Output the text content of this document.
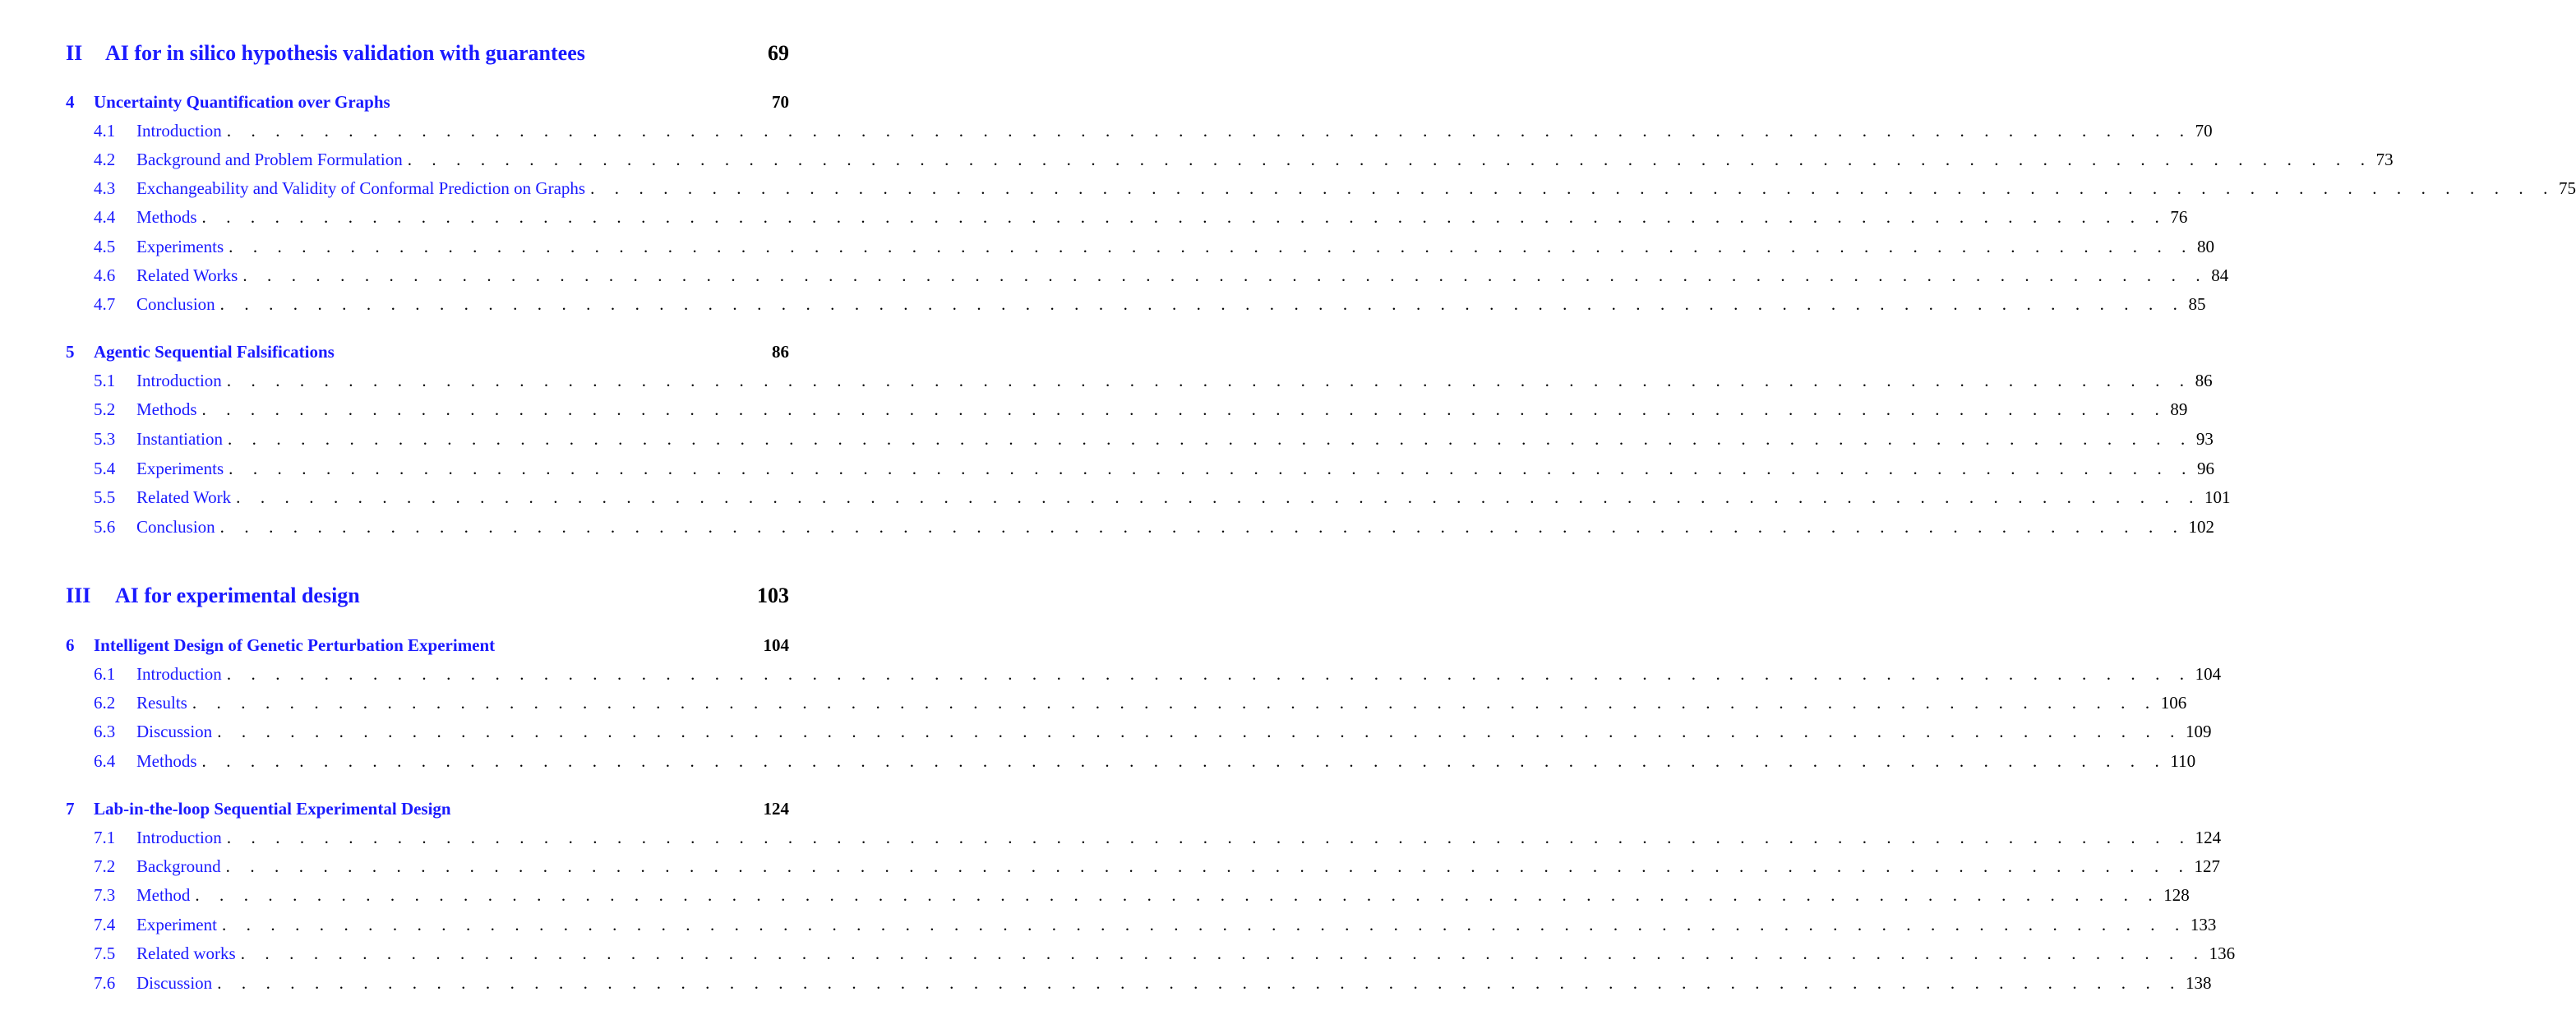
II	AI for in silico hypothesis validation with guarantees	69
4	Uncertainty Quantification over Graphs	70
4.1	Introduction . . . . . . . . . . . . . . . . . . . . . . . . . . . . . . . . . . . . . . . . . . . . . . . . . . . . . . . . . . . . . . . . . . . . . . . . . . . . . . . . . 70
4.2	Background and Problem Formulation . . . . . . . . . . . . . . . . . . . . . . . . . . . . . . . . . . . . . . . . . . . . . . . . . . . . . . . . . . . . . . . . . . . . . . . . . . . . . . . . . 73
4.3	Exchangeability and Validity of Conformal Prediction on Graphs . . . . . . . . . . . . . . . . . . . . . . . . . . . . . . . . . . . . . . . . . . . . . . . . . . . . . . . . . . . . . . . . . . . . . . . . . . . . . . . . . 75
4.4	Methods . . . . . . . . . . . . . . . . . . . . . . . . . . . . . . . . . . . . . . . . . . . . . . . . . . . . . . . . . . . . . . . . . . . . . . . . . . . . . . . . . 76
4.5	Experiments . . . . . . . . . . . . . . . . . . . . . . . . . . . . . . . . . . . . . . . . . . . . . . . . . . . . . . . . . . . . . . . . . . . . . . . . . . . . . . . . . 80
4.6	Related Works . . . . . . . . . . . . . . . . . . . . . . . . . . . . . . . . . . . . . . . . . . . . . . . . . . . . . . . . . . . . . . . . . . . . . . . . . . . . . . . . . 84
4.7	Conclusion . . . . . . . . . . . . . . . . . . . . . . . . . . . . . . . . . . . . . . . . . . . . . . . . . . . . . . . . . . . . . . . . . . . . . . . . . . . . . . . . . 85
5	Agentic Sequential Falsifications	86
5.1	Introduction . . . . . . . . . . . . . . . . . . . . . . . . . . . . . . . . . . . . . . . . . . . . . . . . . . . . . . . . . . . . . . . . . . . . . . . . . . . . . . . . . 86
5.2	Methods . . . . . . . . . . . . . . . . . . . . . . . . . . . . . . . . . . . . . . . . . . . . . . . . . . . . . . . . . . . . . . . . . . . . . . . . . . . . . . . . . 89
5.3	Instantiation . . . . . . . . . . . . . . . . . . . . . . . . . . . . . . . . . . . . . . . . . . . . . . . . . . . . . . . . . . . . . . . . . . . . . . . . . . . . . . . . . 93
5.4	Experiments . . . . . . . . . . . . . . . . . . . . . . . . . . . . . . . . . . . . . . . . . . . . . . . . . . . . . . . . . . . . . . . . . . . . . . . . . . . . . . . . . 96
5.5	Related Work . . . . . . . . . . . . . . . . . . . . . . . . . . . . . . . . . . . . . . . . . . . . . . . . . . . . . . . . . . . . . . . . . . . . . . . . . . . . . . . . . 101
5.6	Conclusion . . . . . . . . . . . . . . . . . . . . . . . . . . . . . . . . . . . . . . . . . . . . . . . . . . . . . . . . . . . . . . . . . . . . . . . . . . . . . . . . . 102
III	AI for experimental design	103
6	Intelligent Design of Genetic Perturbation Experiment	104
6.1	Introduction . . . . . . . . . . . . . . . . . . . . . . . . . . . . . . . . . . . . . . . . . . . . . . . . . . . . . . . . . . . . . . . . . . . . . . . . . . . . . . . . . 104
6.2	Results . . . . . . . . . . . . . . . . . . . . . . . . . . . . . . . . . . . . . . . . . . . . . . . . . . . . . . . . . . . . . . . . . . . . . . . . . . . . . . . . . 106
6.3	Discussion . . . . . . . . . . . . . . . . . . . . . . . . . . . . . . . . . . . . . . . . . . . . . . . . . . . . . . . . . . . . . . . . . . . . . . . . . . . . . . . . . 109
6.4	Methods . . . . . . . . . . . . . . . . . . . . . . . . . . . . . . . . . . . . . . . . . . . . . . . . . . . . . . . . . . . . . . . . . . . . . . . . . . . . . . . . . 110
7	Lab-in-the-loop Sequential Experimental Design	124
7.1	Introduction . . . . . . . . . . . . . . . . . . . . . . . . . . . . . . . . . . . . . . . . . . . . . . . . . . . . . . . . . . . . . . . . . . . . . . . . . . . . . . . . . 124
7.2	Background . . . . . . . . . . . . . . . . . . . . . . . . . . . . . . . . . . . . . . . . . . . . . . . . . . . . . . . . . . . . . . . . . . . . . . . . . . . . . . . . . 127
7.3	Method . . . . . . . . . . . . . . . . . . . . . . . . . . . . . . . . . . . . . . . . . . . . . . . . . . . . . . . . . . . . . . . . . . . . . . . . . . . . . . . . . 128
7.4	Experiment . . . . . . . . . . . . . . . . . . . . . . . . . . . . . . . . . . . . . . . . . . . . . . . . . . . . . . . . . . . . . . . . . . . . . . . . . . . . . . . . . 133
7.5	Related works . . . . . . . . . . . . . . . . . . . . . . . . . . . . . . . . . . . . . . . . . . . . . . . . . . . . . . . . . . . . . . . . . . . . . . . . . . . . . . . . . 136
7.6	Discussion . . . . . . . . . . . . . . . . . . . . . . . . . . . . . . . . . . . . . . . . . . . . . . . . . . . . . . . . . . . . . . . . . . . . . . . . . . . . . . . . . 138
